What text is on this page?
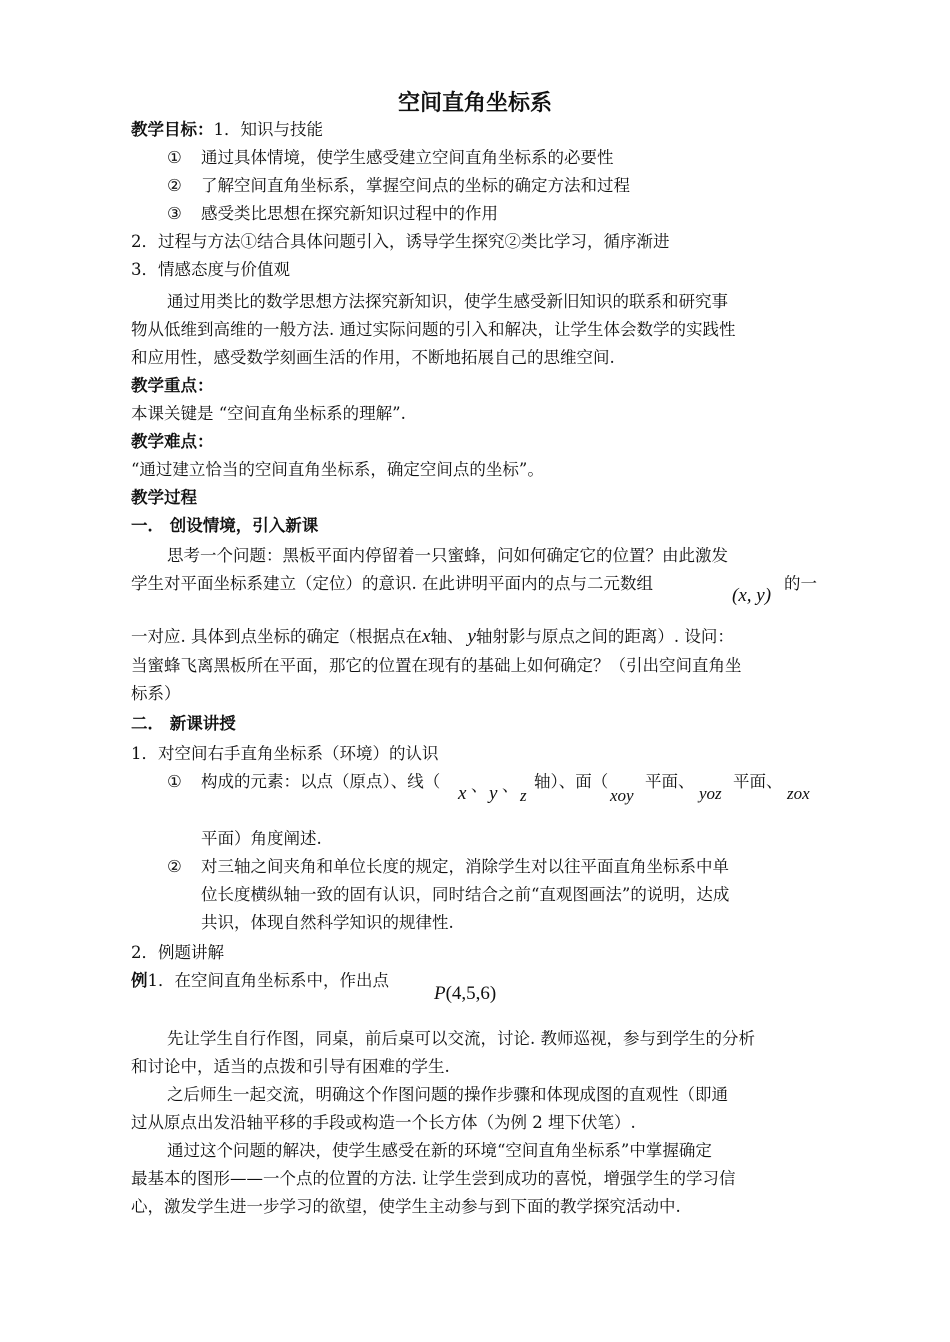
空间直角坐标系
教学目标：1．知识与技能
① 通过具体情境，使学生感受建立空间直角坐标系的必要性
② 了解空间直角坐标系，掌握空间点的坐标的确定方法和过程
③ 感受类比思想在探究新知识过程中的作用
2．过程与方法①结合具体问题引入，诱导学生探究②类比学习，循序渐进
3．情感态度与价值观
通过用类比的数学思想方法探究新知识，使学生感受新旧知识的联系和研究事
物从低维到高维的一般方法. 通过实际问题的引入和解决，让学生体会数学的实践性
和应用性，感受数学刻画生活的作用，不断地拓展自己的思维空间.
教学重点：
本课关键是 “空间直角坐标系的理解”.
教学难点：
“通过建立恰当的空间直角坐标系，确定空间点的坐标”。
教学过程
一． 创设情境，引入新课
思考一个问题：黑板平面内停留着一只蜜蜂，问如何确定它的位置？由此激发
学生对平面坐标系建立（定位）的意识. 在此讲明平面内的点与二元数组
(x, y)
的一
一对应. 具体到点坐标的确定（根据点在x轴、 y轴射影与原点之间的距离）. 设问：
当蜜蜂飞离黑板所在平面，那它的位置在现有的基础上如何确定？（引出空间直角坐
标系）
二． 新课讲授
1．对空间右手直角坐标系（环境）的认识
① 构成的元素：以点（原点）、线（
x 、 y 、
z
轴）、面（
xoy
平面、
yoz
平面、
zox
平面）角度阐述.
② 对三轴之间夹角和单位长度的规定，消除学生对以往平面直角坐标系中单
位长度横纵轴一致的固有认识，同时结合之前“直观图画法”的说明，达成
共识，体现自然科学知识的规律性.
2．例题讲解
例1．在空间直角坐标系中，作出点
P(4,5,6)
先让学生自行作图，同桌，前后桌可以交流，讨论. 教师巡视，参与到学生的分析
和讨论中，适当的点拨和引导有困难的学生.
之后师生一起交流，明确这个作图问题的操作步骤和体现成图的直观性（即通
过从原点出发沿轴平移的手段或构造一个长方体（为例 2 埋下伏笔）.
通过这个问题的解决，使学生感受在新的环境“空间直角坐标系”中掌握确定
最基本的图形——一个点的位置的方法. 让学生尝到成功的喜悦，增强学生的学习信
心，激发学生进一步学习的欲望，使学生主动参与到下面的教学探究活动中.
